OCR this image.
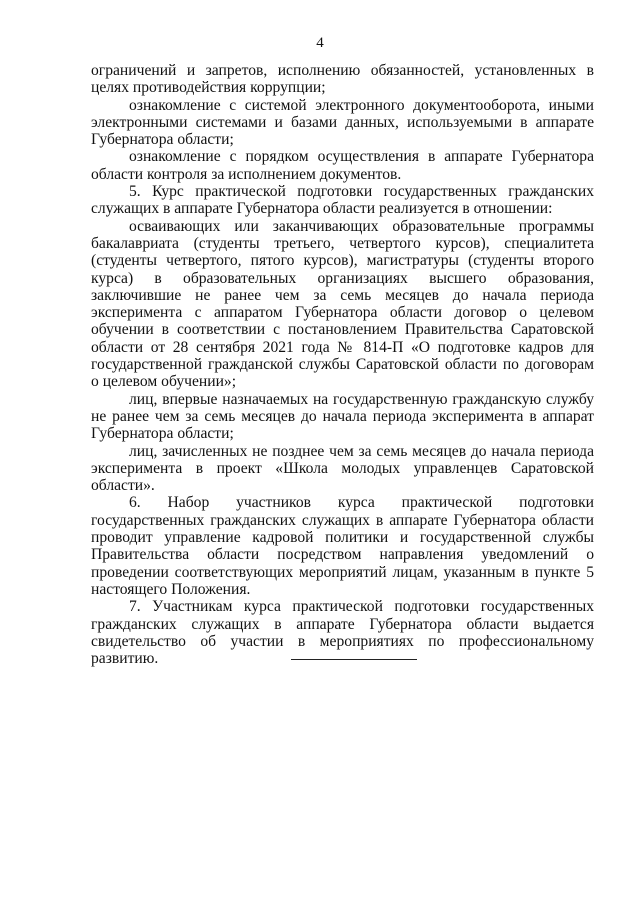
4

ограничений и запретов, исполнению обязанностей, установленных в целях противодействия коррупции;

ознакомление с системой электронного документооборота, иными электронными системами и базами данных, используемыми в аппарате Губернатора области;

ознакомление с порядком осуществления в аппарате Губернатора области контроля за исполнением документов.

5. Курс практической подготовки государственных гражданских служащих в аппарате Губернатора области реализуется в отношении:

осваивающих или заканчивающих образовательные программы бакалавриата (студенты третьего, четвертого курсов), специалитета (студенты четвертого, пятого курсов), магистратуры (студенты второго курса) в образовательных организациях высшего образования, заключившие не ранее чем за семь месяцев до начала периода эксперимента с аппаратом Губернатора области договор о целевом обучении в соответствии с постановлением Правительства Саратовской области от 28 сентября 2021 года № 814-П «О подготовке кадров для государственной гражданской службы Саратовской области по договорам о целевом обучении»;

лиц, впервые назначаемых на государственную гражданскую службу не ранее чем за семь месяцев до начала периода эксперимента в аппарат Губернатора области;

лиц, зачисленных не позднее чем за семь месяцев до начала периода эксперимента в проект «Школа молодых управленцев Саратовской области».

6. Набор участников курса практической подготовки государственных гражданских служащих в аппарате Губернатора области проводит управление кадровой политики и государственной службы Правительства области посредством направления уведомлений о проведении соответствующих мероприятий лицам, указанным в пункте 5 настоящего Положения.

7. Участникам курса практической подготовки государственных гражданских служащих в аппарате Губернатора области выдается свидетельство об участии в мероприятиях по профессиональному развитию.
